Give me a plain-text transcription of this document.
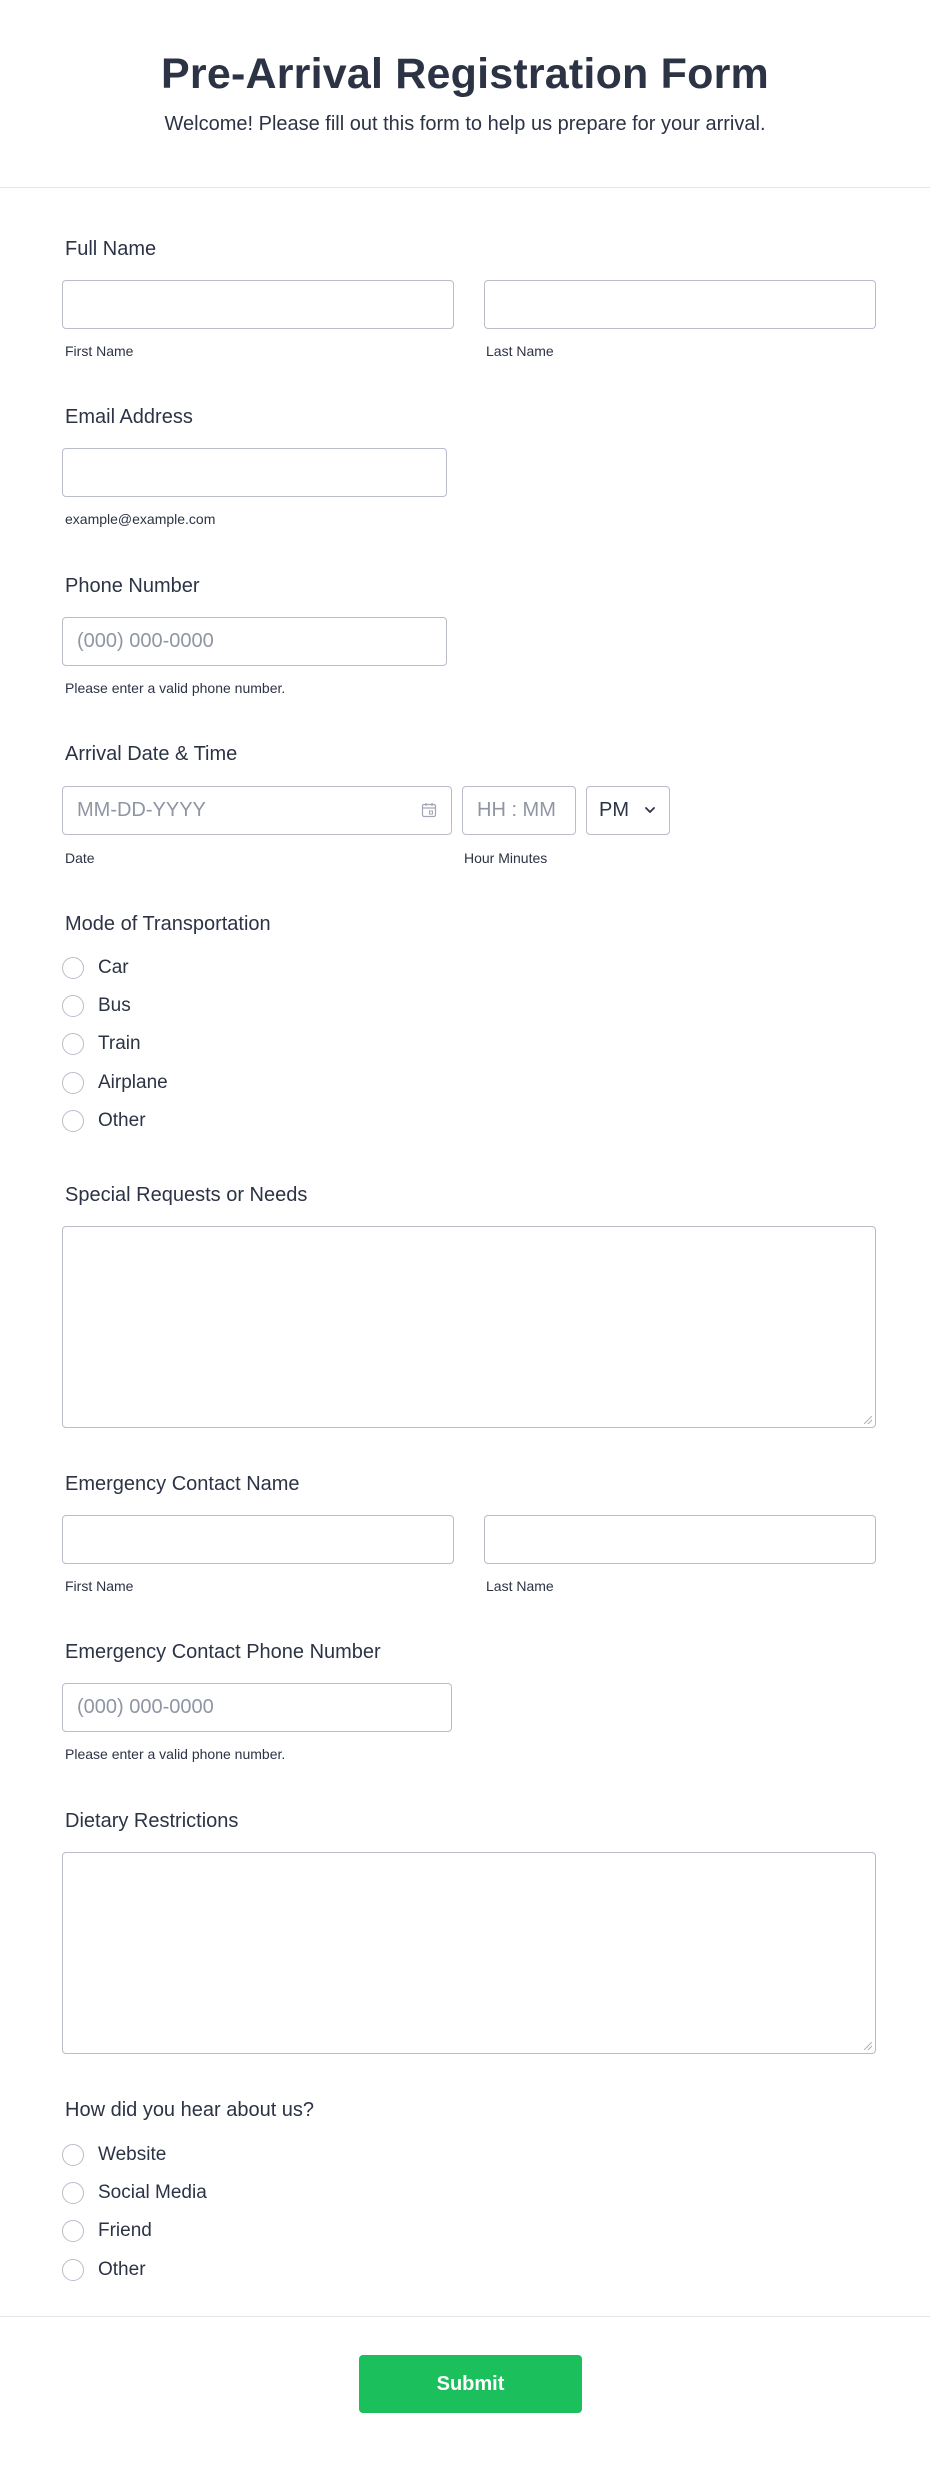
Pre-Arrival Registration Form

Welcome! Please fill out this form to help us prepare for your arrival.

Full Name
First Name	Last Name
Email Address
example@example.com
Phone Number
(000) 000-0000
Please enter a valid phone number.
Arrival Date & Time
MM-DD-YYYY	HH : MM	PM
Date	Hour Minutes
Mode of Transportation
Car
Bus
Train
Airplane
Other
Special Requests or Needs
Emergency Contact Name
First Name	Last Name
Emergency Contact Phone Number
(000) 000-0000
Please enter a valid phone number.
Dietary Restrictions
How did you hear about us?
Website
Social Media
Friend
Other
Submit
